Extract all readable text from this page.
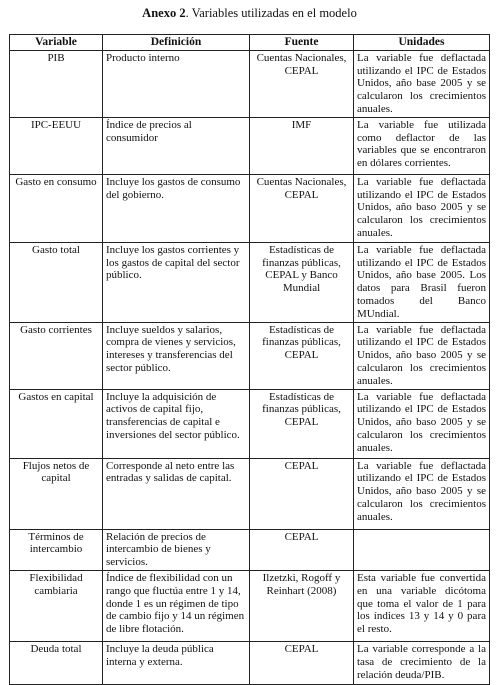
Anexo 2. Variables utilizadas en el modelo
Variable	Definición	Fuente	Unidades
PIB	Producto interno	Cuentas Nacionales, CEPAL	La variable fue deflactada utilizando el IPC de Estados Unidos, año base 2005 y se calcularon los crecimientos anuales.
IPC-EEUU	Índice de precios al consumidor	IMF	La variable fue utilizada como deflactor de las variables que se encontraron en dólares corrientes.
Gasto en consumo	Incluye los gastos de consumo del gobierno.	Cuentas Nacionales, CEPAL	La variable fue deflactada utilizando el IPC de Estados Unidos, año baso 2005 y se calcularon los crecimientos anuales.
Gasto total	Incluye los gastos corrientes y los gastos de capital del sector público.	Estadísticas de finanzas públicas, CEPAL y Banco Mundial	La variable fue deflactada utilizando el IPC de Estados Unidos, año base 2005. Los datos para Brasil fueron tomados del Banco MUndial.
Gasto corrientes	Incluye sueldos y salarios, compra de vienes y servicios, intereses y transferencias del sector público.	Estadísticas de finanzas públicas, CEPAL	La variable fue deflactada utilizando el IPC de Estados Unidos, año baso 2005 y se calcularon los crecimientos anuales.
Gastos en capital	Incluye la adquisición de activos de capital fijo, transferencias de capital e inversiones del sector público.	Estadísticas de finanzas públicas, CEPAL	La variable fue deflactada utilizando el IPC de Estados Unidos, año baso 2005 y se calcularon los crecimientos anuales.
Flujos netos de capital	Corresponde al neto entre las entradas y salidas de capital.	CEPAL	La variable fue deflactada utilizando el IPC de Estados Unidos, año baso 2005 y se calcularon los crecimientos anuales.
Términos de intercambio	Relación de precios de intercambio de bienes y servicios.	CEPAL	
Flexibilidad cambiaria	Índice de flexibilidad con un rango que fluctúa entre 1 y 14, donde 1 es un régimen de tipo de cambio fijo y 14 un régimen de libre flotación.	Ilzetzki, Rogoff y Reinhart (2008)	Esta variable fue convertida en una variable dicótoma que toma el valor de 1 para los índices 13 y 14 y 0 para el resto.
Deuda total	Incluye la deuda pública interna y externa.	CEPAL	La variable corresponde a la tasa de crecimiento de la relación deuda/PIB.
